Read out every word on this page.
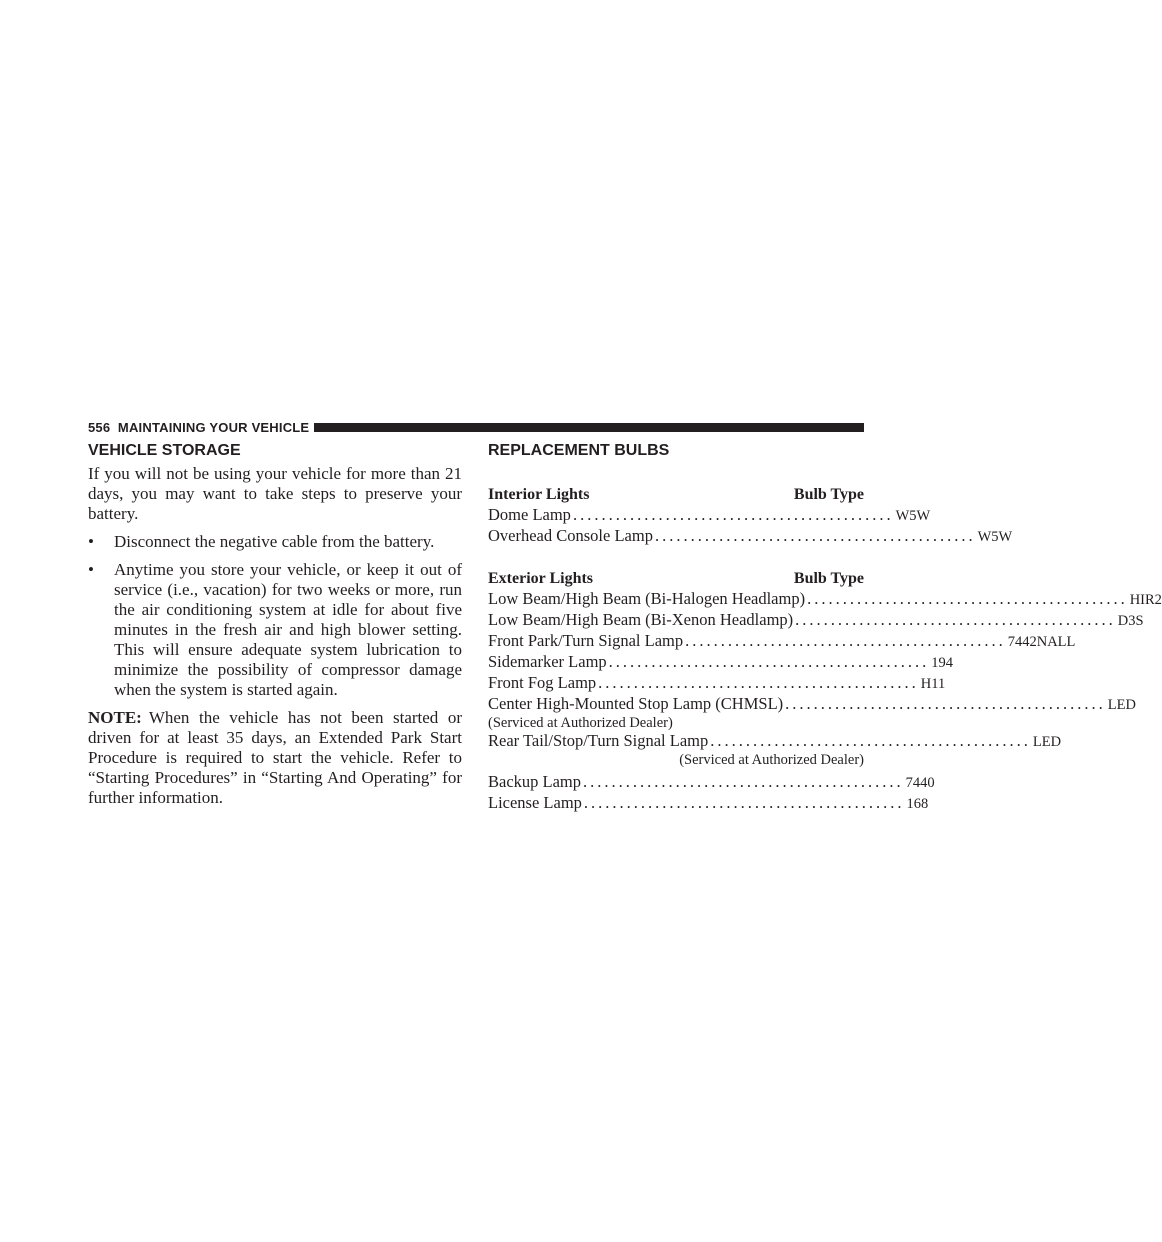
556 MAINTAINING YOUR VEHICLE
VEHICLE STORAGE

If you will not be using your vehicle for more than 21 days, you may want to take steps to preserve your battery.

•	Disconnect the negative cable from the battery.
•	Anytime you store your vehicle, or keep it out of service (i.e., vacation) for two weeks or more, run the air conditioning system at idle for about five minutes in the fresh air and high blower setting. This will ensure adequate system lubrication to minimize the possibility of compressor damage when the system is started again.

NOTE: When the vehicle has not been started or driven for at least 35 days, an Extended Park Start Procedure is required to start the vehicle. Refer to “Starting Procedures” in “Starting And Operating” for further information.

REPLACEMENT BULBS
Interior Lights	Bulb Type
Dome Lamp ............................................. W5W
Overhead Console Lamp ............................................. W5W
Exterior Lights	Bulb Type
Low Beam/High Beam (Bi-Halogen Headlamp) ............................................. HIR2
Low Beam/High Beam (Bi-Xenon Headlamp) ............................................. D3S
Front Park/Turn Signal Lamp ............................................. 7442NALL
Sidemarker Lamp ............................................. 194
Front Fog Lamp ............................................. H11
Center High-Mounted Stop Lamp (CHMSL) ............................................. LED
(Serviced at Authorized Dealer)
Rear Tail/Stop/Turn Signal Lamp ............................................. LED
(Serviced at Authorized Dealer)
Backup Lamp ............................................. 7440
License Lamp ............................................. 168
